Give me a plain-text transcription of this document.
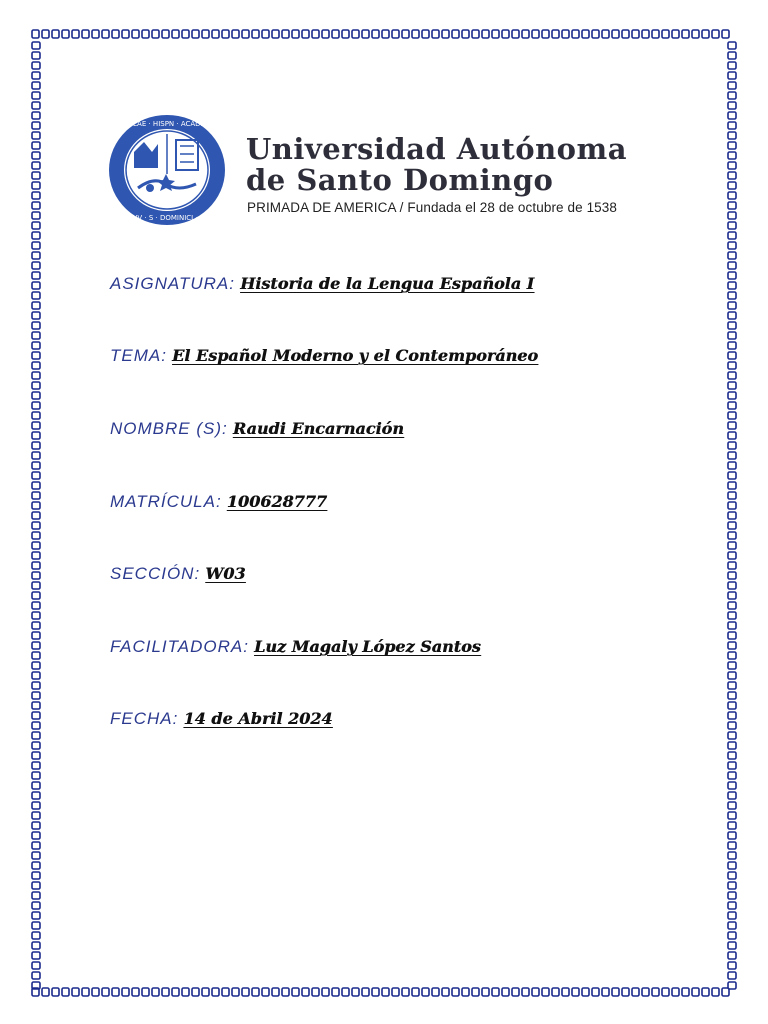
INSULAE · HISPN · ACADEMIA
CONV · S · DOMINICI · IMP
Universidad Autónoma
de Santo Domingo
PRIMADA DE AMERICA / Fundada el 28 de octubre de 1538
ASIGNATURA: Historia de la Lengua Española I
TEMA: El Español Moderno y el Contemporáneo
NOMBRE (S): Raudi Encarnación
MATRÍCULA: 100628777
SECCIÓN: W03
FACILITADORA: Luz Magaly López Santos
FECHA: 14 de Abril 2024
